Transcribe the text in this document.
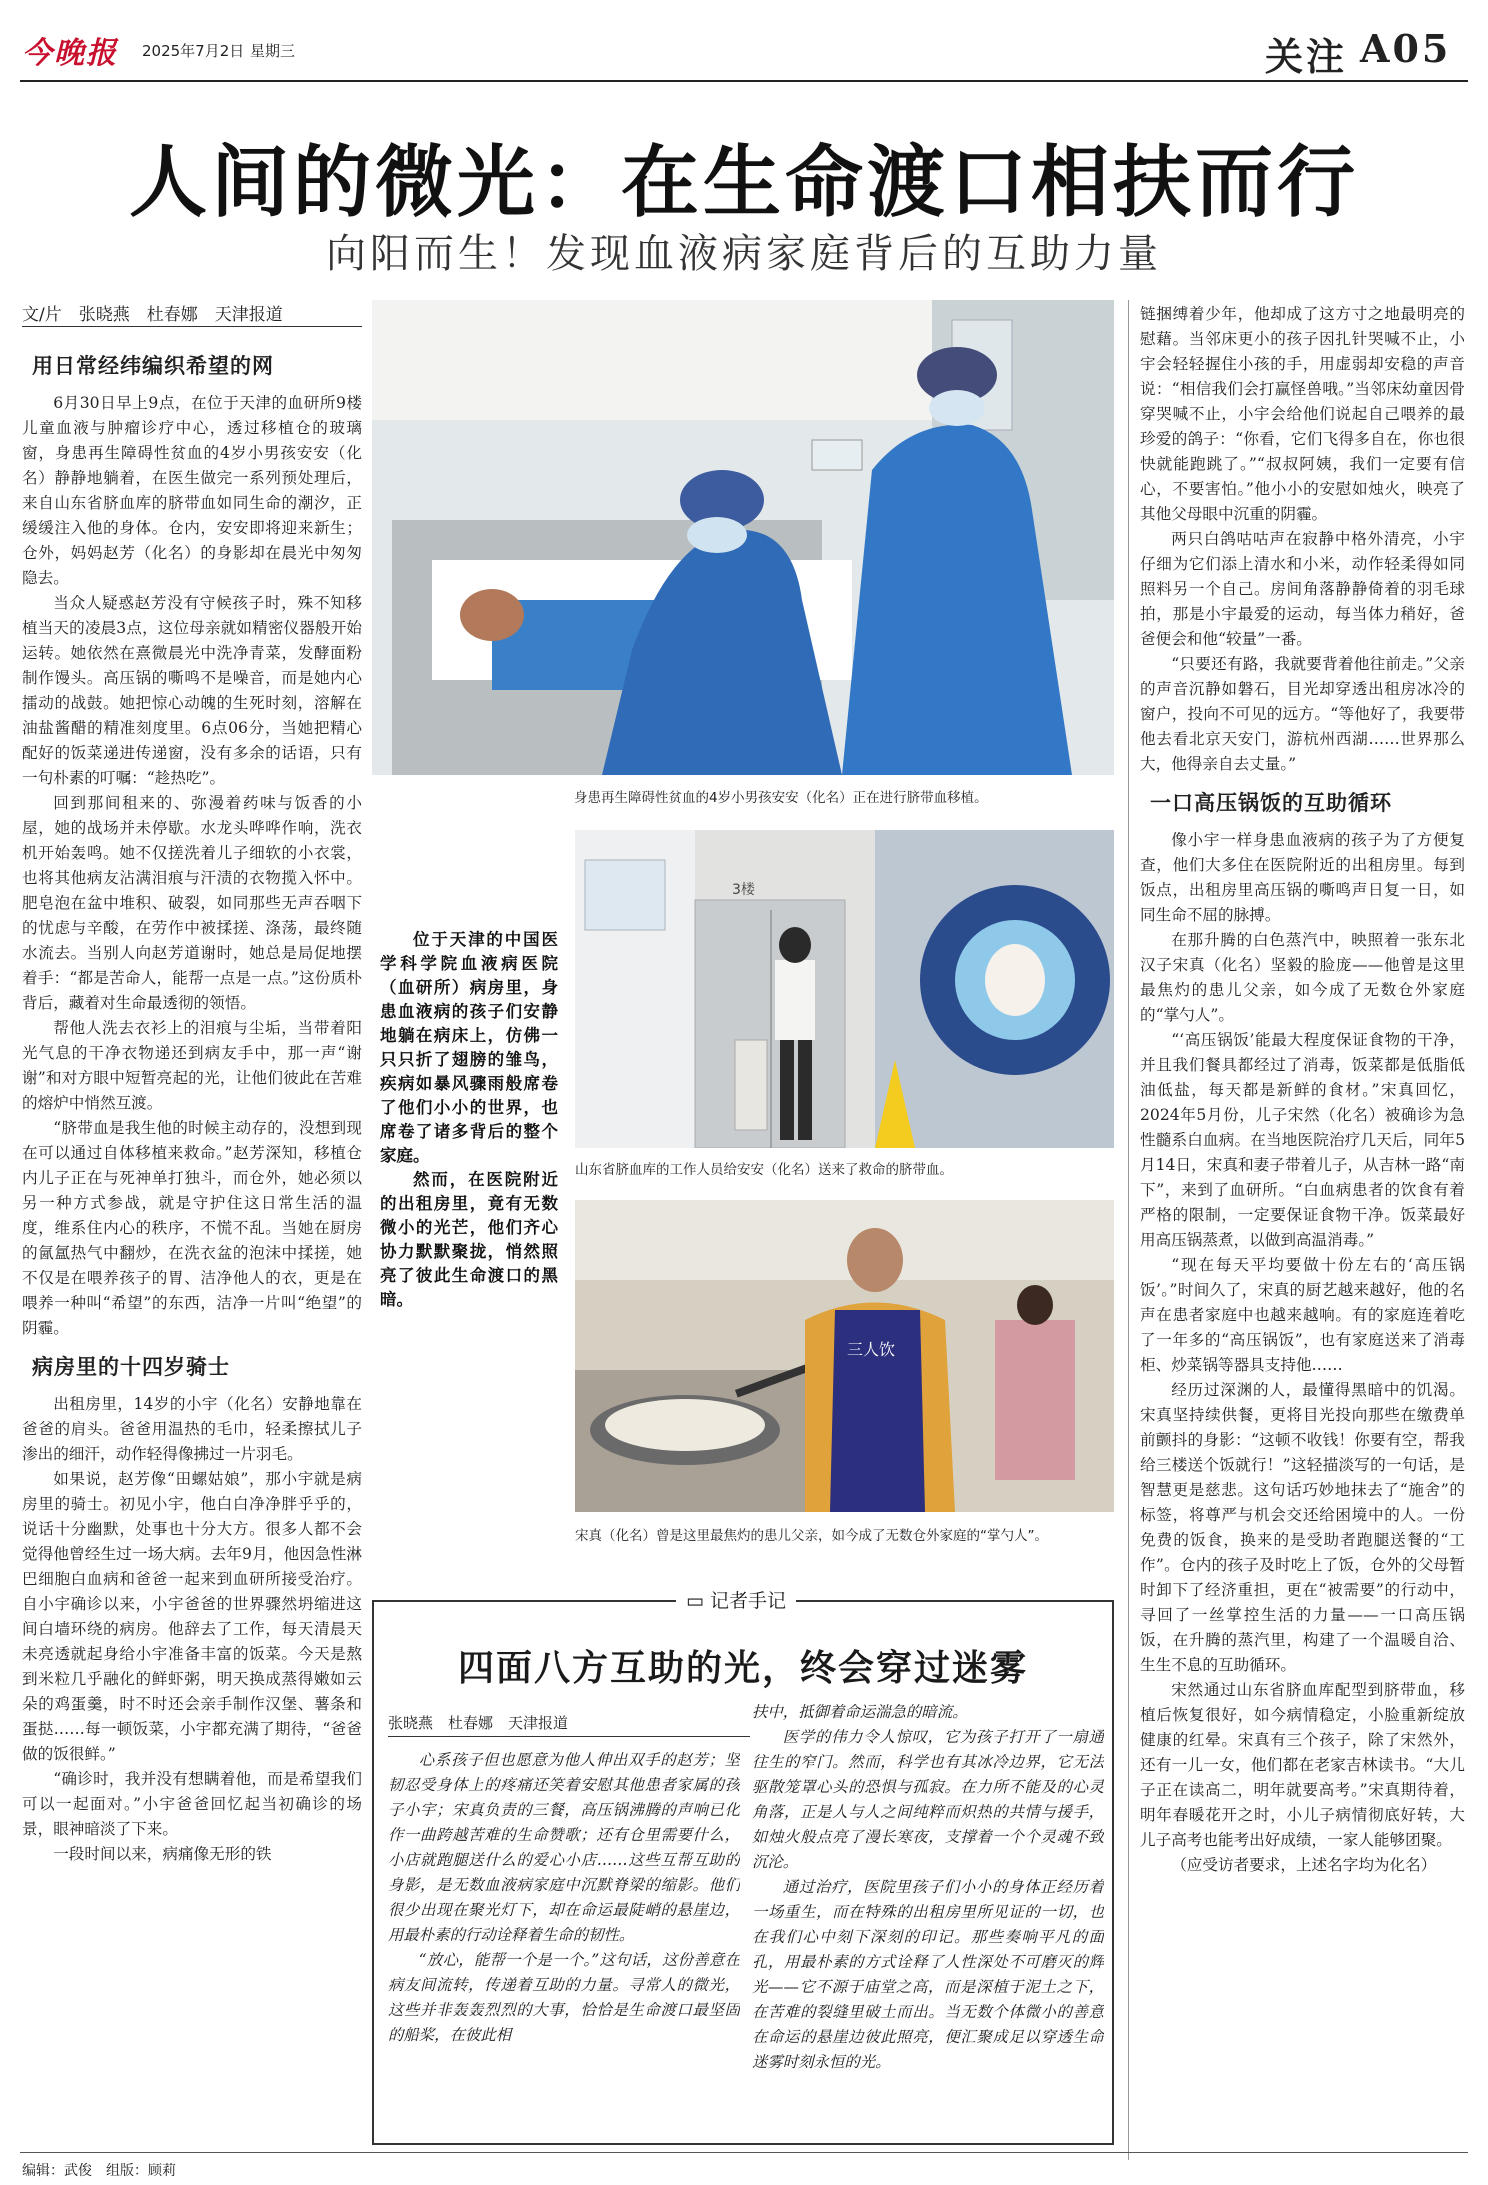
今晚报 2025年7月2日 星期三	关注 A05
人间的微光：在生命渡口相扶而行
向阳而生！发现血液病家庭背后的互助力量
文/片　张晓燕　杜春娜　天津报道
用日常经纬编织希望的网

6月30日早上9点，在位于天津的血研所9楼儿童血液与肿瘤诊疗中心，透过移植仓的玻璃窗，身患再生障碍性贫血的4岁小男孩安安（化名）静静地躺着，在医生做完一系列预处理后，来自山东省脐血库的脐带血如同生命的潮汐，正缓缓注入他的身体。仓内，安安即将迎来新生；仓外，妈妈赵芳（化名）的身影却在晨光中匆匆隐去。

当众人疑惑赵芳没有守候孩子时，殊不知移植当天的凌晨3点，这位母亲就如精密仪器般开始运转。她依然在熹微晨光中洗净青菜，发酵面粉制作馒头。高压锅的嘶鸣不是噪音，而是她内心擂动的战鼓。她把惊心动魄的生死时刻，溶解在油盐酱醋的精准刻度里。6点06分，当她把精心配好的饭菜递进传递窗，没有多余的话语，只有一句朴素的叮嘱：“趁热吃”。

回到那间租来的、弥漫着药味与饭香的小屋，她的战场并未停歇。水龙头哗哗作响，洗衣机开始轰鸣。她不仅搓洗着儿子细软的小衣裳，也将其他病友沾满泪痕与汗渍的衣物揽入怀中。肥皂泡在盆中堆积、破裂，如同那些无声吞咽下的忧虑与辛酸，在劳作中被揉搓、涤荡，最终随水流去。当别人向赵芳道谢时，她总是局促地摆着手：“都是苦命人，能帮一点是一点。”这份质朴背后，藏着对生命最透彻的领悟。

帮他人洗去衣衫上的泪痕与尘垢，当带着阳光气息的干净衣物递还到病友手中，那一声“谢谢”和对方眼中短暂亮起的光，让他们彼此在苦难的熔炉中悄然互渡。

“脐带血是我生他的时候主动存的，没想到现在可以通过自体移植来救命。”赵芳深知，移植仓内儿子正在与死神单打独斗，而仓外，她必须以另一种方式参战，就是守护住这日常生活的温度，维系住内心的秩序，不慌不乱。当她在厨房的氤氲热气中翻炒，在洗衣盆的泡沫中揉搓，她不仅是在喂养孩子的胃、洁净他人的衣，更是在喂养一种叫“希望”的东西，洁净一片叫“绝望”的阴霾。

病房里的十四岁骑士

出租房里，14岁的小宇（化名）安静地靠在爸爸的肩头。爸爸用温热的毛巾，轻柔擦拭儿子渗出的细汗，动作轻得像拂过一片羽毛。

如果说，赵芳像“田螺姑娘”，那小宇就是病房里的骑士。初见小宇，他白白净净胖乎乎的，说话十分幽默，处事也十分大方。很多人都不会觉得他曾经生过一场大病。去年9月，他因急性淋巴细胞白血病和爸爸一起来到血研所接受治疗。自小宇确诊以来，小宇爸爸的世界骤然坍缩进这间白墙环绕的病房。他辞去了工作，每天清晨天未亮透就起身给小宇准备丰富的饭菜。今天是熬到米粒几乎融化的鲜虾粥，明天换成蒸得嫩如云朵的鸡蛋羹，时不时还会亲手制作汉堡、薯条和蛋挞……每一顿饭菜，小宇都充满了期待，“爸爸做的饭很鲜。”

“确诊时，我并没有想瞒着他，而是希望我们可以一起面对。”小宇爸爸回忆起当初确诊的场景，眼神暗淡了下来。

一段时间以来，病痛像无形的铁

身患再生障碍性贫血的4岁小男孩安安（化名）正在进行脐带血移植。

位于天津的中国医学科学院血液病医院（血研所）病房里，身患血液病的孩子们安静地躺在病床上，仿佛一只只折了翅膀的雏鸟，疾病如暴风骤雨般席卷了他们小小的世界，也席卷了诸多背后的整个家庭。

然而，在医院附近的出租房里，竟有无数微小的光芒，他们齐心协力默默聚拢，悄然照亮了彼此生命渡口的黑暗。

3楼
山东省脐血库的工作人员给安安（化名）送来了救命的脐带血。
三人饮
宋真（化名）曾是这里最焦灼的患儿父亲，如今成了无数仓外家庭的“掌勺人”。

链捆缚着少年，他却成了这方寸之地最明亮的慰藉。当邻床更小的孩子因扎针哭喊不止，小宇会轻轻握住小孩的手，用虚弱却安稳的声音说：“相信我们会打赢怪兽哦。”当邻床幼童因骨穿哭喊不止，小宇会给他们说起自己喂养的最珍爱的鸽子：“你看，它们飞得多自在，你也很快就能跑跳了。”“叔叔阿姨，我们一定要有信心，不要害怕。”他小小的安慰如烛火，映亮了其他父母眼中沉重的阴霾。

两只白鸽咕咕声在寂静中格外清亮，小宇仔细为它们添上清水和小米，动作轻柔得如同照料另一个自己。房间角落静静倚着的羽毛球拍，那是小宇最爱的运动，每当体力稍好，爸爸便会和他“较量”一番。

“只要还有路，我就要背着他往前走。”父亲的声音沉静如磐石，目光却穿透出租房冰冷的窗户，投向不可见的远方。“等他好了，我要带他去看北京天安门，游杭州西湖……世界那么大，他得亲自去丈量。”

一口高压锅饭的互助循环

像小宇一样身患血液病的孩子为了方便复查，他们大多住在医院附近的出租房里。每到饭点，出租房里高压锅的嘶鸣声日复一日，如同生命不屈的脉搏。

在那升腾的白色蒸汽中，映照着一张东北汉子宋真（化名）坚毅的脸庞——他曾是这里最焦灼的患儿父亲，如今成了无数仓外家庭的“掌勺人”。

“‘高压锅饭’能最大程度保证食物的干净，并且我们餐具都经过了消毒，饭菜都是低脂低油低盐，每天都是新鲜的食材。”宋真回忆，2024年5月份，儿子宋然（化名）被确诊为急性髓系白血病。在当地医院治疗几天后，同年5月14日，宋真和妻子带着儿子，从吉林一路“南下”，来到了血研所。“白血病患者的饮食有着严格的限制，一定要保证食物干净。饭菜最好用高压锅蒸煮，以做到高温消毒。”

“现在每天平均要做十份左右的‘高压锅饭’。”时间久了，宋真的厨艺越来越好，他的名声在患者家庭中也越来越响。有的家庭连着吃了一年多的“高压锅饭”，也有家庭送来了消毒柜、炒菜锅等器具支持他……

经历过深渊的人，最懂得黑暗中的饥渴。宋真坚持续供餐，更将目光投向那些在缴费单前颤抖的身影：“这顿不收钱！你要有空，帮我给三楼送个饭就行！”这轻描淡写的一句话，是智慧更是慈悲。这句话巧妙地抹去了“施舍”的标签，将尊严与机会交还给困境中的人。一份免费的饭食，换来的是受助者跑腿送餐的“工作”。仓内的孩子及时吃上了饭，仓外的父母暂时卸下了经济重担，更在“被需要”的行动中，寻回了一丝掌控生活的力量——一口高压锅饭，在升腾的蒸汽里，构建了一个温暖自洽、生生不息的互助循环。

宋然通过山东省脐血库配型到脐带血，移植后恢复很好，如今病情稳定，小脸重新绽放健康的红晕。宋真有三个孩子，除了宋然外，还有一儿一女，他们都在老家吉林读书。“大儿子正在读高二，明年就要高考。”宋真期待着，明年春暖花开之时，小儿子病情彻底好转，大儿子高考也能考出好成绩，一家人能够团聚。

（应受访者要求，上述名字均为化名）

▭ 记者手记
四面八方互助的光，终会穿过迷雾
张晓燕　杜春娜　天津报道

心系孩子但也愿意为他人伸出双手的赵芳；坚韧忍受身体上的疼痛还笑着安慰其他患者家属的孩子小宇；宋真负责的三餐，高压锅沸腾的声响已化作一曲跨越苦难的生命赞歌；还有仓里需要什么，小店就跑腿送什么的爱心小店……这些互帮互助的身影，是无数血液病家庭中沉默脊梁的缩影。他们很少出现在聚光灯下，却在命运最陡峭的悬崖边，用最朴素的行动诠释着生命的韧性。

“放心，能帮一个是一个。”这句话，这份善意在病友间流转，传递着互助的力量。寻常人的微光，这些并非轰轰烈烈的大事，恰恰是生命渡口最坚固的船桨，在彼此相

扶中，抵御着命运湍急的暗流。

医学的伟力令人惊叹，它为孩子打开了一扇通往生的窄门。然而，科学也有其冰冷边界，它无法驱散笼罩心头的恐惧与孤寂。在力所不能及的心灵角落，正是人与人之间纯粹而炽热的共情与援手，如烛火般点亮了漫长寒夜，支撑着一个个灵魂不致沉沦。

通过治疗，医院里孩子们小小的身体正经历着一场重生，而在特殊的出租房里所见证的一切，也在我们心中刻下深刻的印记。那些奏响平凡的面孔，用最朴素的方式诠释了人性深处不可磨灭的辉光——它不源于庙堂之高，而是深植于泥土之下，在苦难的裂缝里破土而出。当无数个体微小的善意在命运的悬崖边彼此照亮，便汇聚成足以穿透生命迷雾时刻永恒的光。

编辑：武俊　组版：顾莉
